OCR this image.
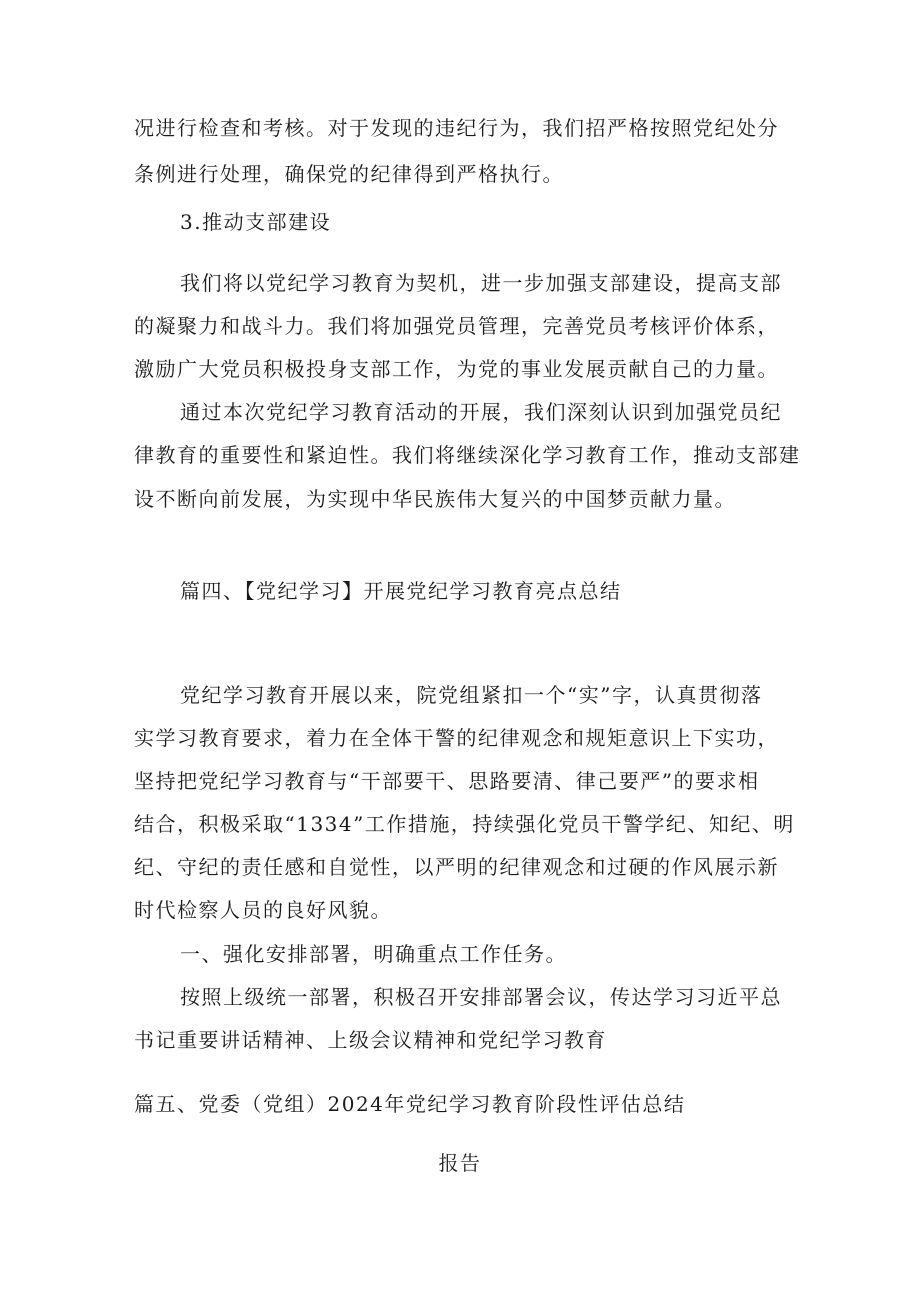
况进行检查和考核。对于发现的违纪行为，我们招严格按照党纪处分
条例进行处理，确保党的纪律得到严格执行。
3.推动支部建设
我们将以党纪学习教育为契机，进一步加强支部建设，提高支部
的凝聚力和战斗力。我们将加强党员管理，完善党员考核评价体系，
激励广大党员积极投身支部工作，为党的事业发展贡献自己的力量。
通过本次党纪学习教育活动的开展，我们深刻认识到加强党员纪
律教育的重要性和紧迫性。我们将继续深化学习教育工作，推动支部建
设不断向前发展，为实现中华民族伟大复兴的中国梦贡献力量。
篇四、【党纪学习】开展党纪学习教育亮点总结
党纪学习教育开展以来，院党组紧扣一个“实”字，认真贯彻落
实学习教育要求，着力在全体干警的纪律观念和规矩意识上下实功，
坚持把党纪学习教育与“干部要干、思路要清、律己要严”的要求相
结合，积极采取“1334”工作措施，持续强化党员干警学纪、知纪、明
纪、守纪的责任感和自觉性，以严明的纪律观念和过硬的作风展示新
时代检察人员的良好风貌。
一、强化安排部署，明确重点工作任务。
按照上级统一部署，积极召开安排部署会议，传达学习习近平总
书记重要讲话精神、上级会议精神和党纪学习教育
篇五、党委（党组）2024年党纪学习教育阶段性评估总结
报告
